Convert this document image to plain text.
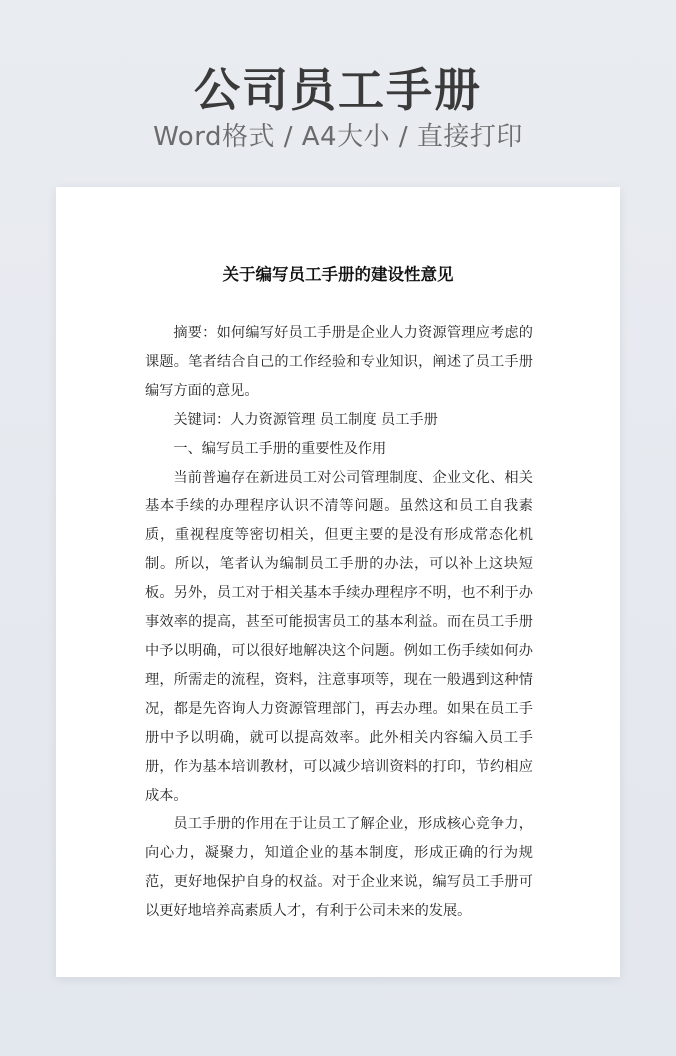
公司员工手册
Word格式 / A4大小 / 直接打印
关于编写员工手册的建设性意见

摘要：如何编写好员工手册是企业人力资源管理应考虑的课题。笔者结合自己的工作经验和专业知识，阐述了员工手册编写方面的意见。

关键词：人力资源管理 员工制度 员工手册

一、编写员工手册的重要性及作用

当前普遍存在新进员工对公司管理制度、企业文化、相关基本手续的办理程序认识不清等问题。虽然这和员工自我素质，重视程度等密切相关，但更主要的是没有形成常态化机制。所以，笔者认为编制员工手册的办法，可以补上这块短板。另外，员工对于相关基本手续办理程序不明，也不利于办事效率的提高，甚至可能损害员工的基本利益。而在员工手册中予以明确，可以很好地解决这个问题。例如工伤手续如何办理，所需走的流程，资料，注意事项等，现在一般遇到这种情况，都是先咨询人力资源管理部门，再去办理。如果在员工手册中予以明确，就可以提高效率。此外相关内容编入员工手册，作为基本培训教材，可以减少培训资料的打印，节约相应成本。

员工手册的作用在于让员工了解企业，形成核心竞争力，向心力，凝聚力，知道企业的基本制度，形成正确的行为规范，更好地保护自身的权益。对于企业来说，编写员工手册可以更好地培养高素质人才，有利于公司未来的发展。
